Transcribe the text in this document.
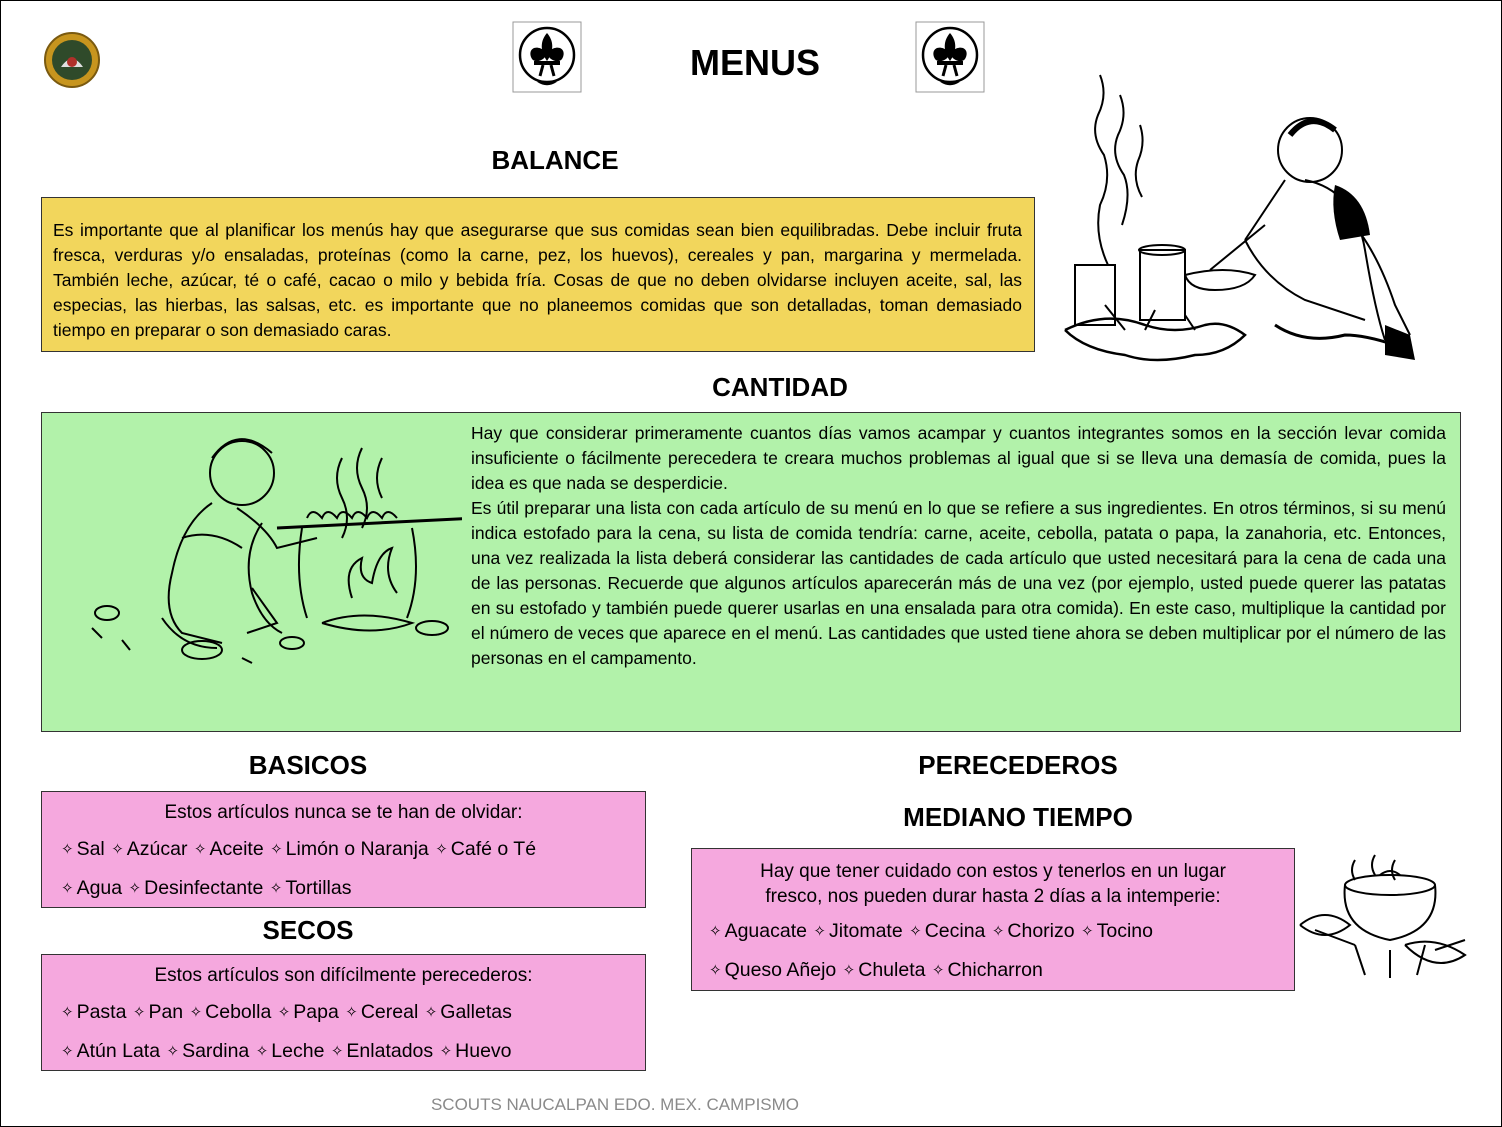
MENUS
BALANCE
Es importante que al planificar los menús hay que asegurarse que sus comidas sean bien equilibradas. Debe incluir fruta fresca, verduras y/o ensaladas, proteínas (como la carne, pez, los huevos), cereales y pan, margarina y mermelada. También leche, azúcar, té o café, cacao o milo y bebida fría. Cosas de que no deben olvidarse incluyen aceite, sal, las especias, las hierbas, las salsas, etc. es importante que no planeemos comidas que son detalladas, toman demasiado tiempo en preparar o son demasiado caras.
CANTIDAD
Hay que considerar primeramente cuantos días vamos acampar y cuantos integrantes somos en la sección levar comida insuficiente o fácilmente perecedera te creara muchos problemas al igual que si se lleva una demasía de comida, pues la idea es que nada se desperdicie.
Es útil preparar una lista con cada artículo de su menú en lo que se refiere a sus ingredientes. En otros términos, si su menú indica estofado para la cena, su lista de comida tendría: carne, aceite, cebolla, patata o papa, la zanahoria, etc. Entonces, una vez realizada la lista deberá considerar las cantidades de cada artículo que usted necesitará para la cena de cada una de las personas. Recuerde que algunos artículos aparecerán más de una vez (por ejemplo, usted puede querer las patatas en su estofado y también puede querer usarlas en una ensalada para otra comida). En este caso, multiplique la cantidad por el número de veces que aparece en el menú. Las cantidades que usted tiene ahora se deben multiplicar por el número de las personas en el campamento.
BASICOS
Estos artículos nunca se te han de olvidar:
✧ Sal ✧ Azúcar ✧ Aceite ✧ Limón o Naranja ✧ Café o Té
✧ Agua ✧ Desinfectante ✧ Tortillas
SECOS
Estos artículos son difícilmente perecederos:
✧ Pasta ✧ Pan ✧ Cebolla ✧ Papa ✧ Cereal ✧ Galletas
✧ Atún Lata ✧ Sardina ✧ Leche ✧ Enlatados ✧ Huevo
PERECEDEROS
MEDIANO TIEMPO
Hay que tener cuidado con estos y tenerlos en un lugar
fresco, nos pueden durar hasta 2 días a la intemperie:
✧ Aguacate ✧ Jitomate ✧ Cecina ✧ Chorizo ✧ Tocino
✧ Queso Añejo ✧ Chuleta ✧ Chicharron
SCOUTS NAUCALPAN EDO. MEX. CAMPISMO
